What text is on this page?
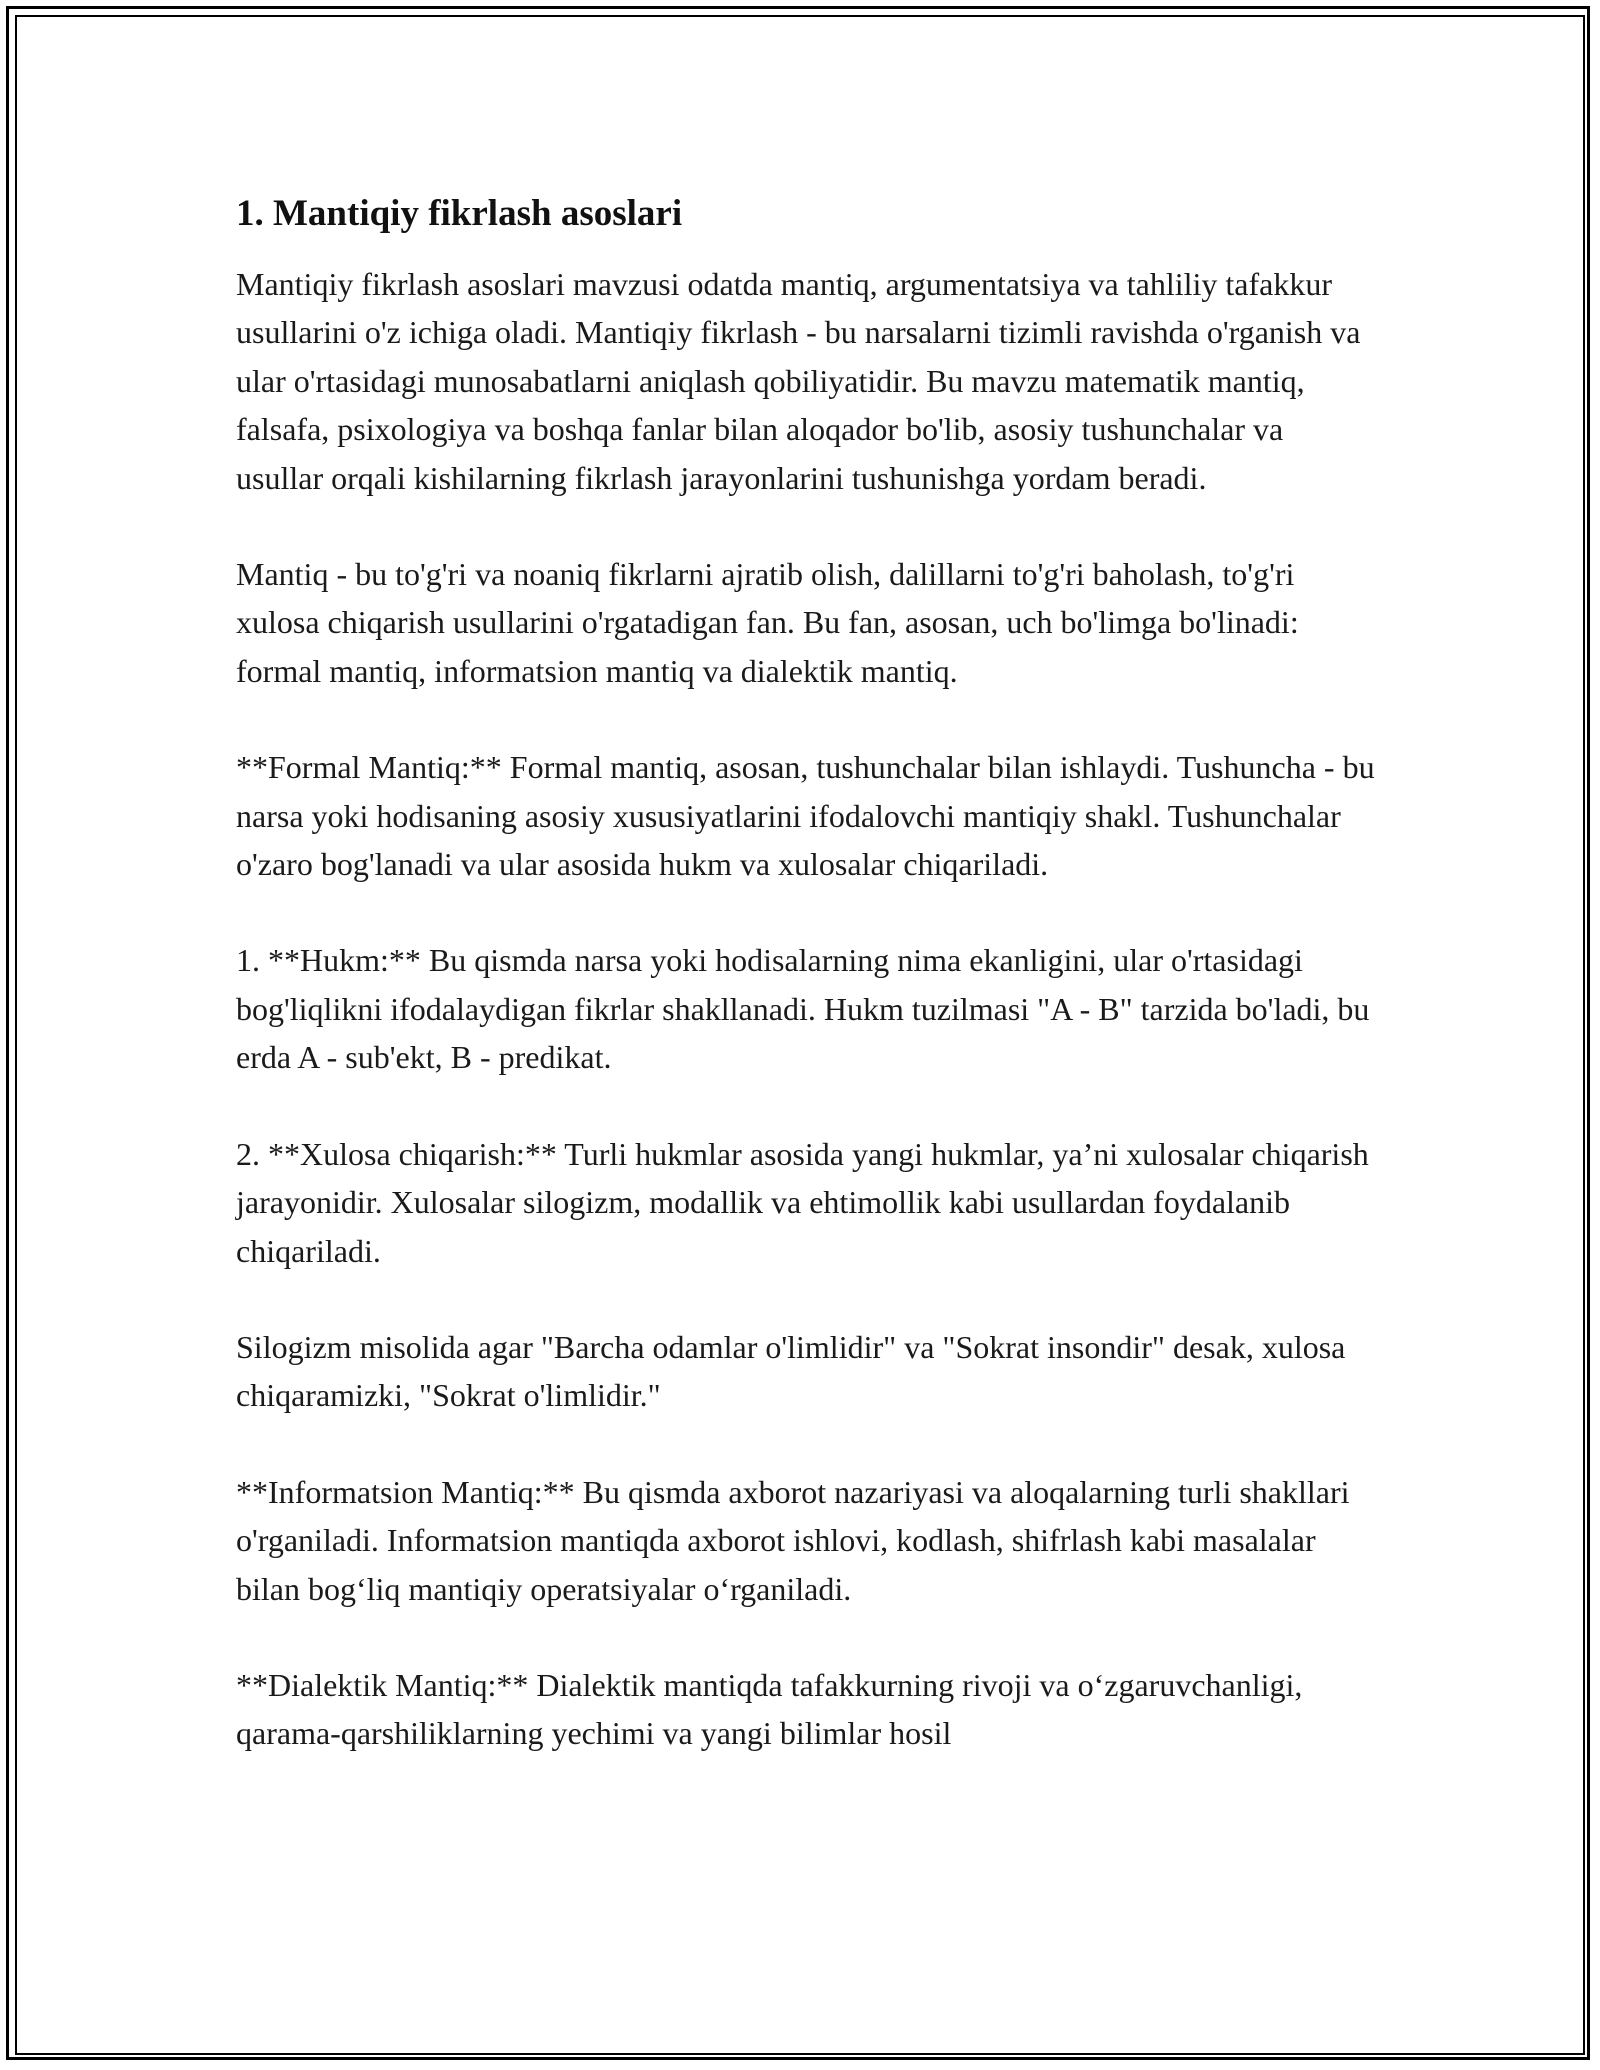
1. Mantiqiy fikrlash asoslari

Mantiqiy fikrlash asoslari mavzusi odatda mantiq, argumentatsiya va tahliliy tafakkur usullarini o'z ichiga oladi. Mantiqiy fikrlash - bu narsalarni tizimli ravishda o'rganish va ular o'rtasidagi munosabatlarni aniqlash qobiliyatidir. Bu mavzu matematik mantiq, falsafa, psixologiya va boshqa fanlar bilan aloqador bo'lib, asosiy tushunchalar va usullar orqali kishilarning fikrlash jarayonlarini tushunishga yordam beradi.

Mantiq - bu to'g'ri va noaniq fikrlarni ajratib olish, dalillarni to'g'ri baholash, to'g'ri xulosa chiqarish usullarini o'rgatadigan fan. Bu fan, asosan, uch bo'limga bo'linadi: formal mantiq, informatsion mantiq va dialektik mantiq.

**Formal Mantiq:** Formal mantiq, asosan, tushunchalar bilan ishlaydi. Tushuncha - bu narsa yoki hodisaning asosiy xususiyatlarini ifodalovchi mantiqiy shakl. Tushunchalar o'zaro bog'lanadi va ular asosida hukm va xulosalar chiqariladi.

1. **Hukm:** Bu qismda narsa yoki hodisalarning nima ekanligini, ular o'rtasidagi bog'liqlikni ifodalaydigan fikrlar shakllanadi. Hukm tuzilmasi "A - B" tarzida bo'ladi, bu erda A - sub'ekt, B - predikat.

2. **Xulosa chiqarish:** Turli hukmlar asosida yangi hukmlar, ya’ni xulosalar chiqarish jarayonidir. Xulosalar silogizm, modallik va ehtimollik kabi usullardan foydalanib chiqariladi.

Silogizm misolida agar "Barcha odamlar o'limlidir" va "Sokrat insondir" desak, xulosa chiqaramizki, "Sokrat o'limlidir."

**Informatsion Mantiq:** Bu qismda axborot nazariyasi va aloqalarning turli shakllari o'rganiladi. Informatsion mantiqda axborot ishlovi, kodlash, shifrlash kabi masalalar bilan bog‘liq mantiqiy operatsiyalar o‘rganiladi.

**Dialektik Mantiq:** Dialektik mantiqda tafakkurning rivoji va o‘zgaruvchanligi, qarama-qarshiliklarning yechimi va yangi bilimlar hosil
